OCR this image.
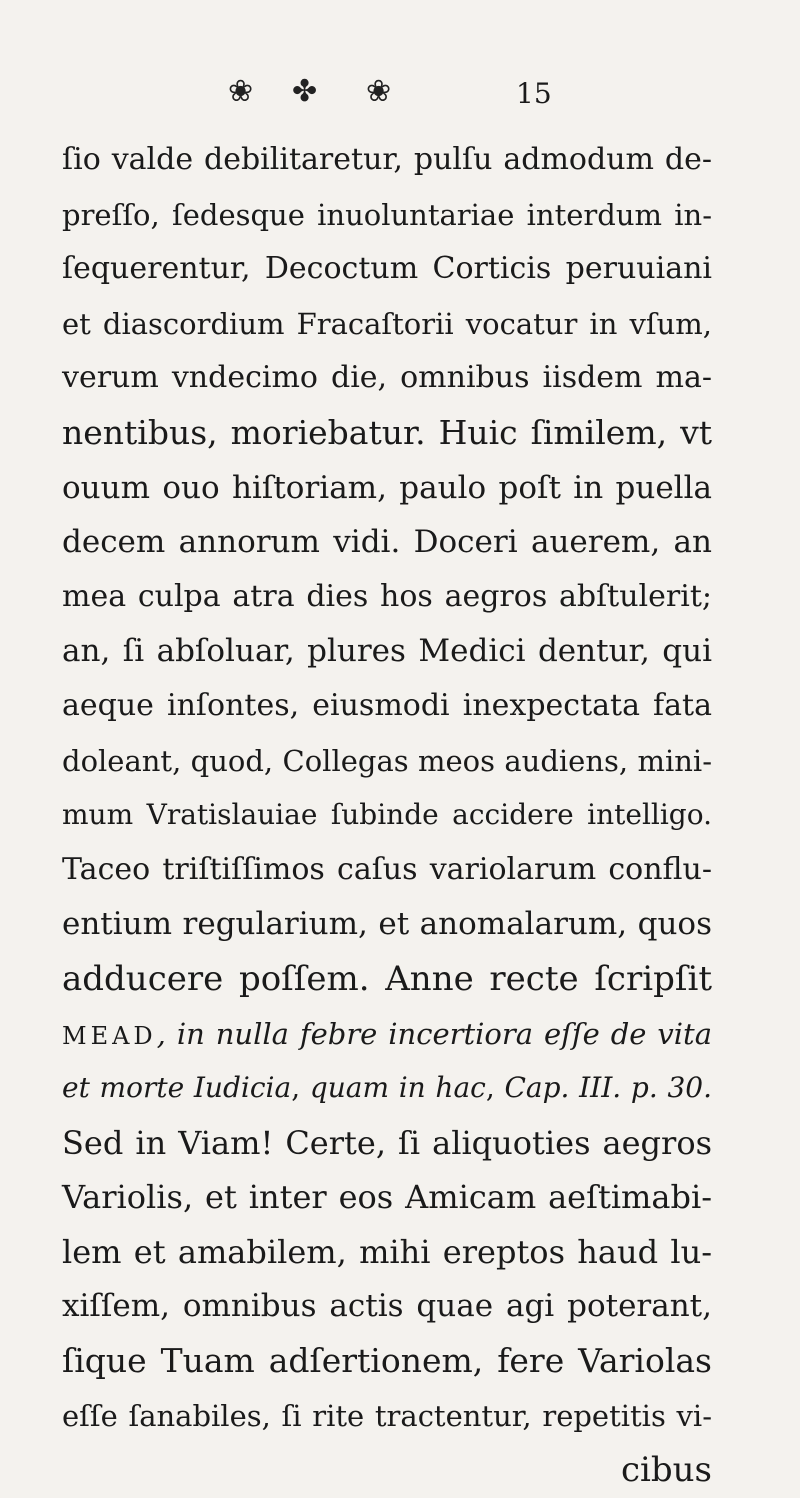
❀ ✤ ❀	15
ſio valde debilitaretur, pulſu admodum de-
preſſo, ſedesque inuoluntariae interdum in-
ſequerentur, Decoctum Corticis peruuiani
et diascordium Fracaſtorii vocatur in vſum,
verum vndecimo die, omnibus iisdem ma-
nentibus, moriebatur. Huic ſimilem, vt
ouum ouo hiſtoriam, paulo poſt in puella
decem annorum vidi. Doceri auerem, an
mea culpa atra dies hos aegros abſtulerit;
an, ſi abſoluar, plures Medici dentur, qui
aeque inſontes, eiusmodi inexpectata fata
doleant, quod, Collegas meos audiens, mini-
mum Vratislauiae ſubinde accidere intelligo.
Taceo triſtiſſimos caſus variolarum conflu-
entium regularium, et anomalarum, quos
adducere poſſem. Anne recte ſcripſit
MEAD, in nulla febre incertiora eſſe de vita
et morte Iudicia, quam in hac, Cap. III. p. 30.
Sed in Viam! Certe, ſi aliquoties aegros
Variolis, et inter eos Amicam aeſtimabi-
lem et amabilem, mihi ereptos haud lu-
xiſſem, omnibus actis quae agi poterant,
ſique Tuam adſertionem, fere Variolas
eſſe ſanabiles, ſi rite tractentur, repetitis vi-
cibus
